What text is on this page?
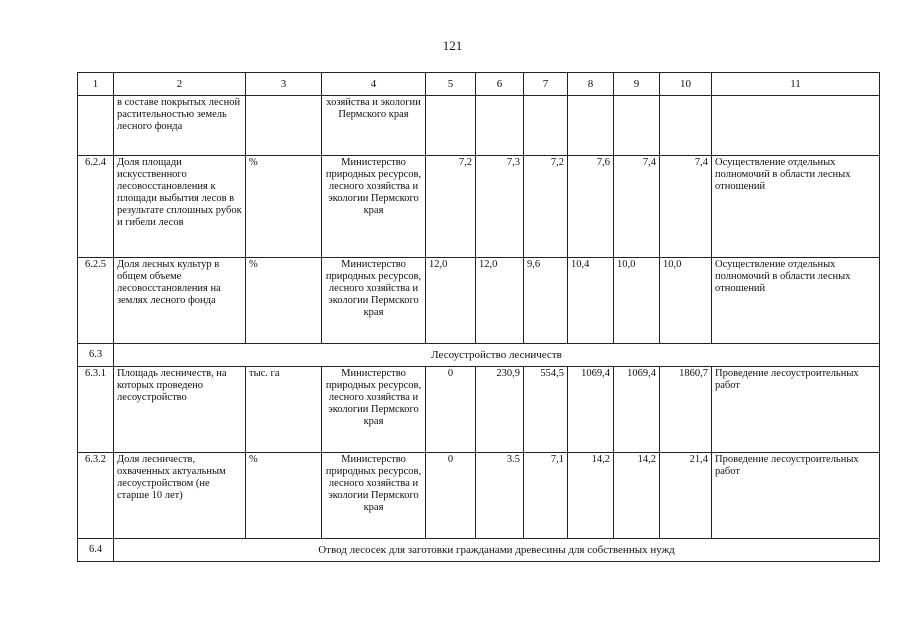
121
1	2	3	4	5	6	7	8	9	10	11
	в составе покрытых лесной растительностью земель лесного фонда		хозяйства и экологии Пермского края							
6.2.4	Доля площади искусственного лесовосстановления к площади выбытия лесов в результате сплошных рубок и гибели лесов	%	Министерство природных ресурсов, лесного хозяйства и экологии Пермского края	7,2	7,3	7,2	7,6	7,4	7,4	Осуществление отдельных полномочий в области лесных отношений
6.2.5	Доля лесных культур в общем объеме лесовосстановления на землях лесного фонда	%	Министерство природных ресурсов, лесного хозяйства и экологии Пермского края	12,0	12,0	9,6	10,4	10,0	10,0	Осуществление отдельных полномочий в области лесных отношений
6.3	Лесоустройство лесничеств									
6.3.1	Площадь лесничеств, на которых проведено лесоустройство	тыс. га	Министерство природных ресурсов, лесного хозяйства и экологии Пермского края	0	230,9	554,5	1069,4	1069,4	1860,7	Проведение лесоустроительных работ
6.3.2	Доля лесничеств, охваченных актуальным лесоустройством (не старше 10 лет)	%	Министерство природных ресурсов, лесного хозяйства и экологии Пермского края	0	3.5	7,1	14,2	14,2	21,4	Проведение лесоустроительных работ
6.4	Отвод лесосек для заготовки гражданами древесины для собственных нужд									
